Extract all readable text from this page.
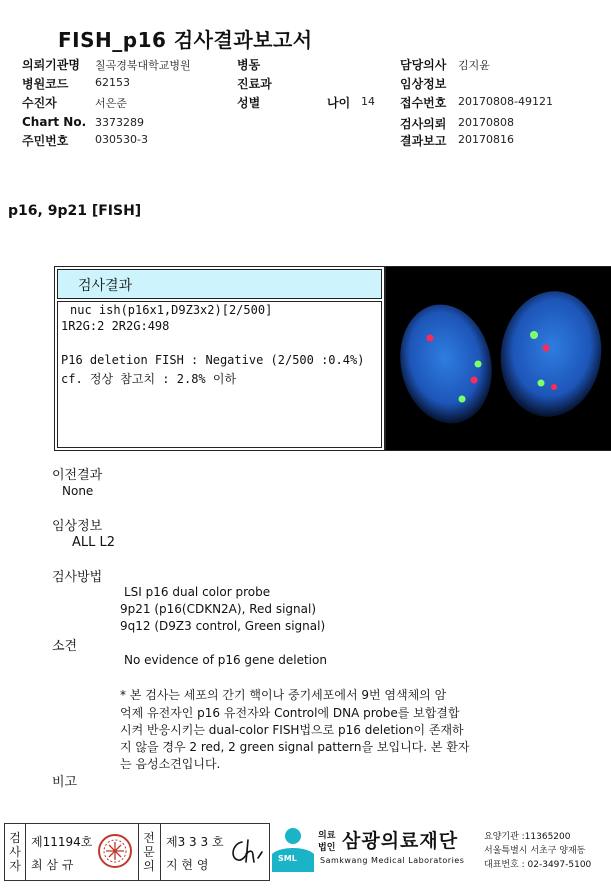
FISH_p16 검사결과보고서
의뢰기관명 칠곡경북대학교병원
병원코드 62153
수진자	서은준
Chart No. 3373289
주민번호 030530-3
병동
진료과
성별	나이 14
담당의사 김지윤
임상정보
접수번호 20170808-49121
검사의뢰 20170808
결과보고 20170816
p16, 9p21 [FISH]
검사결과
nuc ish(p16x1,D9Z3x2)[2/500]
1R2G:2 2R2G:498
P16 deletion FISH : Negative (2/500 :0.4%)
cf. 정상 참고치 : 2.8% 이하
이전결과
None
임상정보
ALL L2
검사방법
LSI p16 dual color probe
9p21 (p16(CDKN2A), Red signal)
9q12 (D9Z3 control, Green signal)
소견
No evidence of p16 gene deletion
* 본 검사는 세포의 간기 핵이나 중기세포에서 9번 염색체의 암
억제 유전자인 p16 유전자와 Control에 DNA probe를 보합결합
시켜 반응시키는 dual-color FISH법으로 p16 deletion이 존재하
지 않을 경우 2 red, 2 green signal pattern을 보입니다. 본 환자
는 음성소견입니다.
비고
검사자
제11194호
최 삼 규
전문의
제3 3 3 호
지 현 영	SML
의료
법인 삼광의료재단
Samkwang Medical Laboratories
요양기관 :11365200
서울특별시 서초구 양재동
대표번호 : 02-3497-5100
